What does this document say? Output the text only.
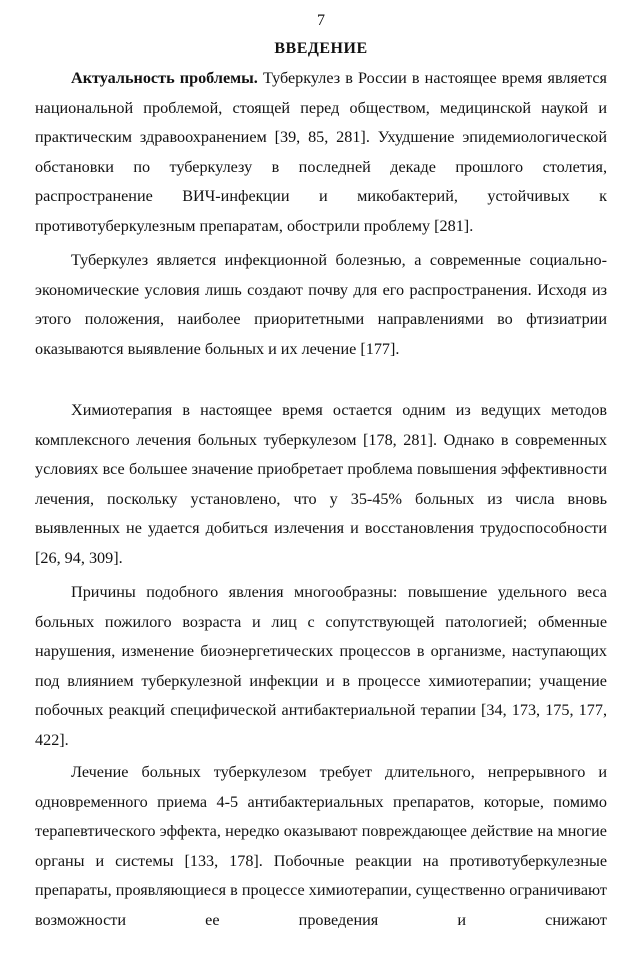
7
ВВЕДЕНИЕ

Актуальность проблемы. Туберкулез в России в настоящее время является национальной проблемой, стоящей перед обществом, медицинской наукой и практическим здравоохранением [39, 85, 281]. Ухудшение эпидемиологической обстановки по туберкулезу в последней декаде прошлого столетия, распространение ВИЧ-инфекции и микобактерий, устойчивых к противотуберкулезным препаратам, обострили проблему [281].

Туберкулез является инфекционной болезнью, а современные социально-экономические условия лишь создают почву для его распространения. Исходя из этого положения, наиболее приоритетными направлениями во фтизиатрии оказываются выявление больных и их лечение [177].

Химиотерапия в настоящее время остается одним из ведущих методов комплексного лечения больных туберкулезом [178, 281]. Однако в современных условиях все большее значение приобретает проблема повышения эффективности лечения, поскольку установлено, что у 35-45% больных из числа вновь выявленных не удается добиться излечения и восстановления трудоспособности [26, 94, 309].

Причины подобного явления многообразны: повышение удельного веса больных пожилого возраста и лиц с сопутствующей патологией; обменные нарушения, изменение биоэнергетических процессов в организме, наступающих под влиянием туберкулезной инфекции и в процессе химиотерапии; учащение побочных реакций специфической антибактериальной терапии [34, 173, 175, 177, 422].

Лечение больных туберкулезом требует длительного, непрерывного и одновременного приема 4-5 антибактериальных препаратов, которые, помимо терапевтического эффекта, нередко оказывают повреждающее действие на многие органы и системы [133, 178]. Побочные реакции на противотуберкулезные препараты, проявляющиеся в процессе химиотерапии, существенно ограничивают возможности ее проведения и снижают
